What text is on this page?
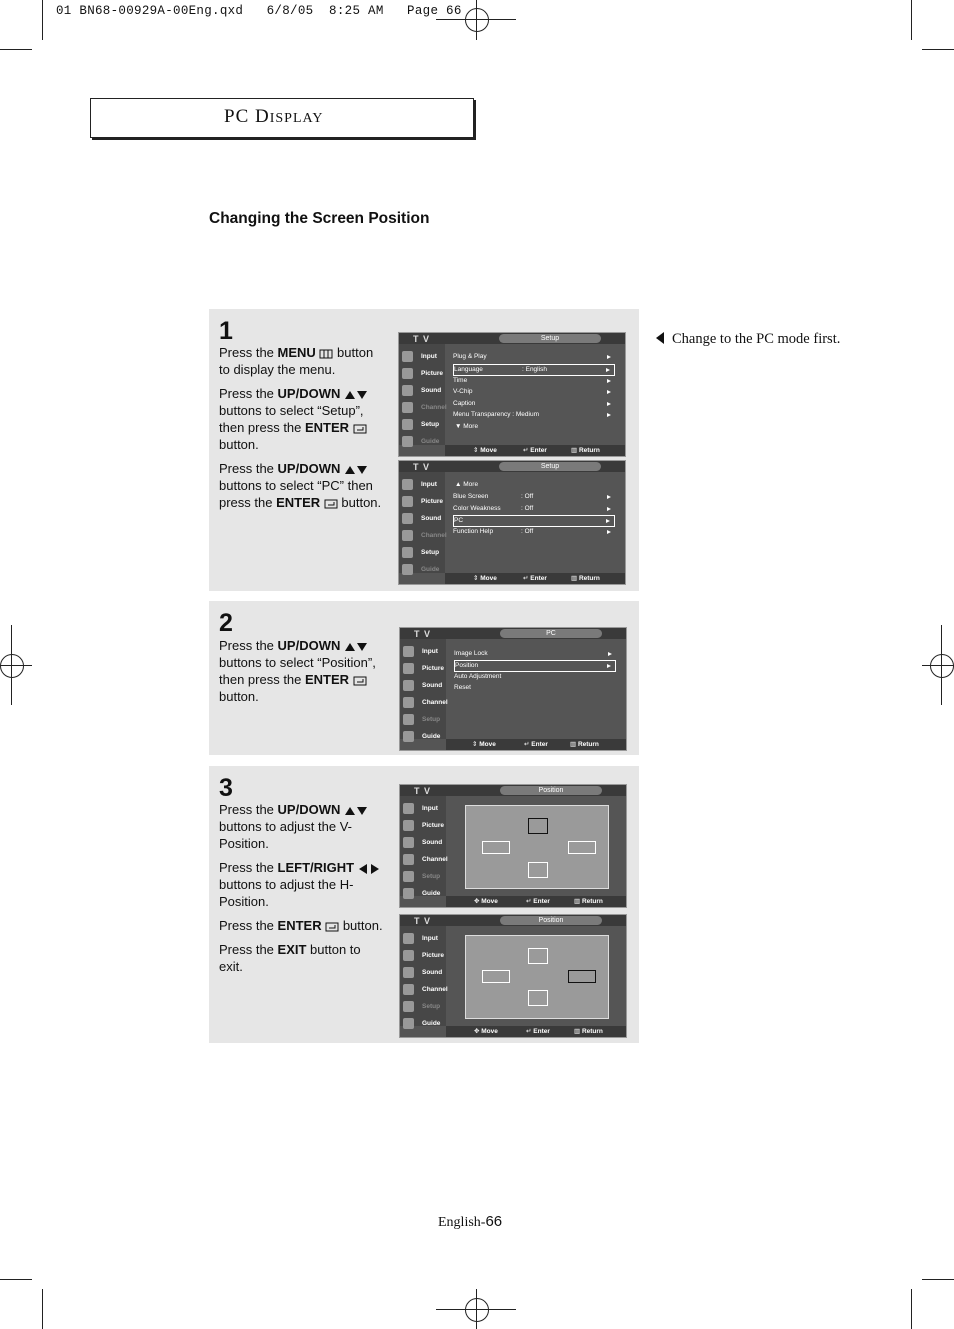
01 BN68-00929A-00Eng.qxd   6/8/05  8:25 AM   Page 66
PC DISPLAY
Changing the Screen Position
Change to the PC mode first.
1

Press the MENU  button to display the menu.

Press the UP/DOWN  buttons to select “Setup”, then press the ENTER  button.

Press the UP/DOWN  buttons to select “PC” then press the ENTER  button.

T V	Setup
Input
Picture
Sound
Channel
Setup
Guide
Plug & Play
Language	: English
Time
V-Chip
Caption
Menu Transparency : Medium
▼ More
⇕ Move	↵ Enter	▥ Return
T V	Setup
Input
Picture
Sound
Channel
Setup
Guide
▲ More
Blue Screen	: Off
Color Weakness	: Off
PC
Function Help	: Off
⇕ Move	↵ Enter	▥ Return
2

Press the UP/DOWN  buttons to select “Position”, then press the ENTER  button.

T V	PC
Input
Picture
Sound
Channel
Setup
Guide
Image Lock
Position
Auto Adjustment
Reset
⇕ Move	↵ Enter	▥ Return
3

Press the UP/DOWN  buttons to adjust the V-Position.

Press the LEFT/RIGHT  buttons to adjust the H-Position.

Press the ENTER  button.

Press the EXIT button to exit.

T V	Position
Input
Picture
Sound
Channel
Setup
Guide
✥ Move	↵ Enter	▥ Return
T V	Position
Input
Picture
Sound
Channel
Setup
Guide
✥ Move	↵ Enter	▥ Return
English-66
